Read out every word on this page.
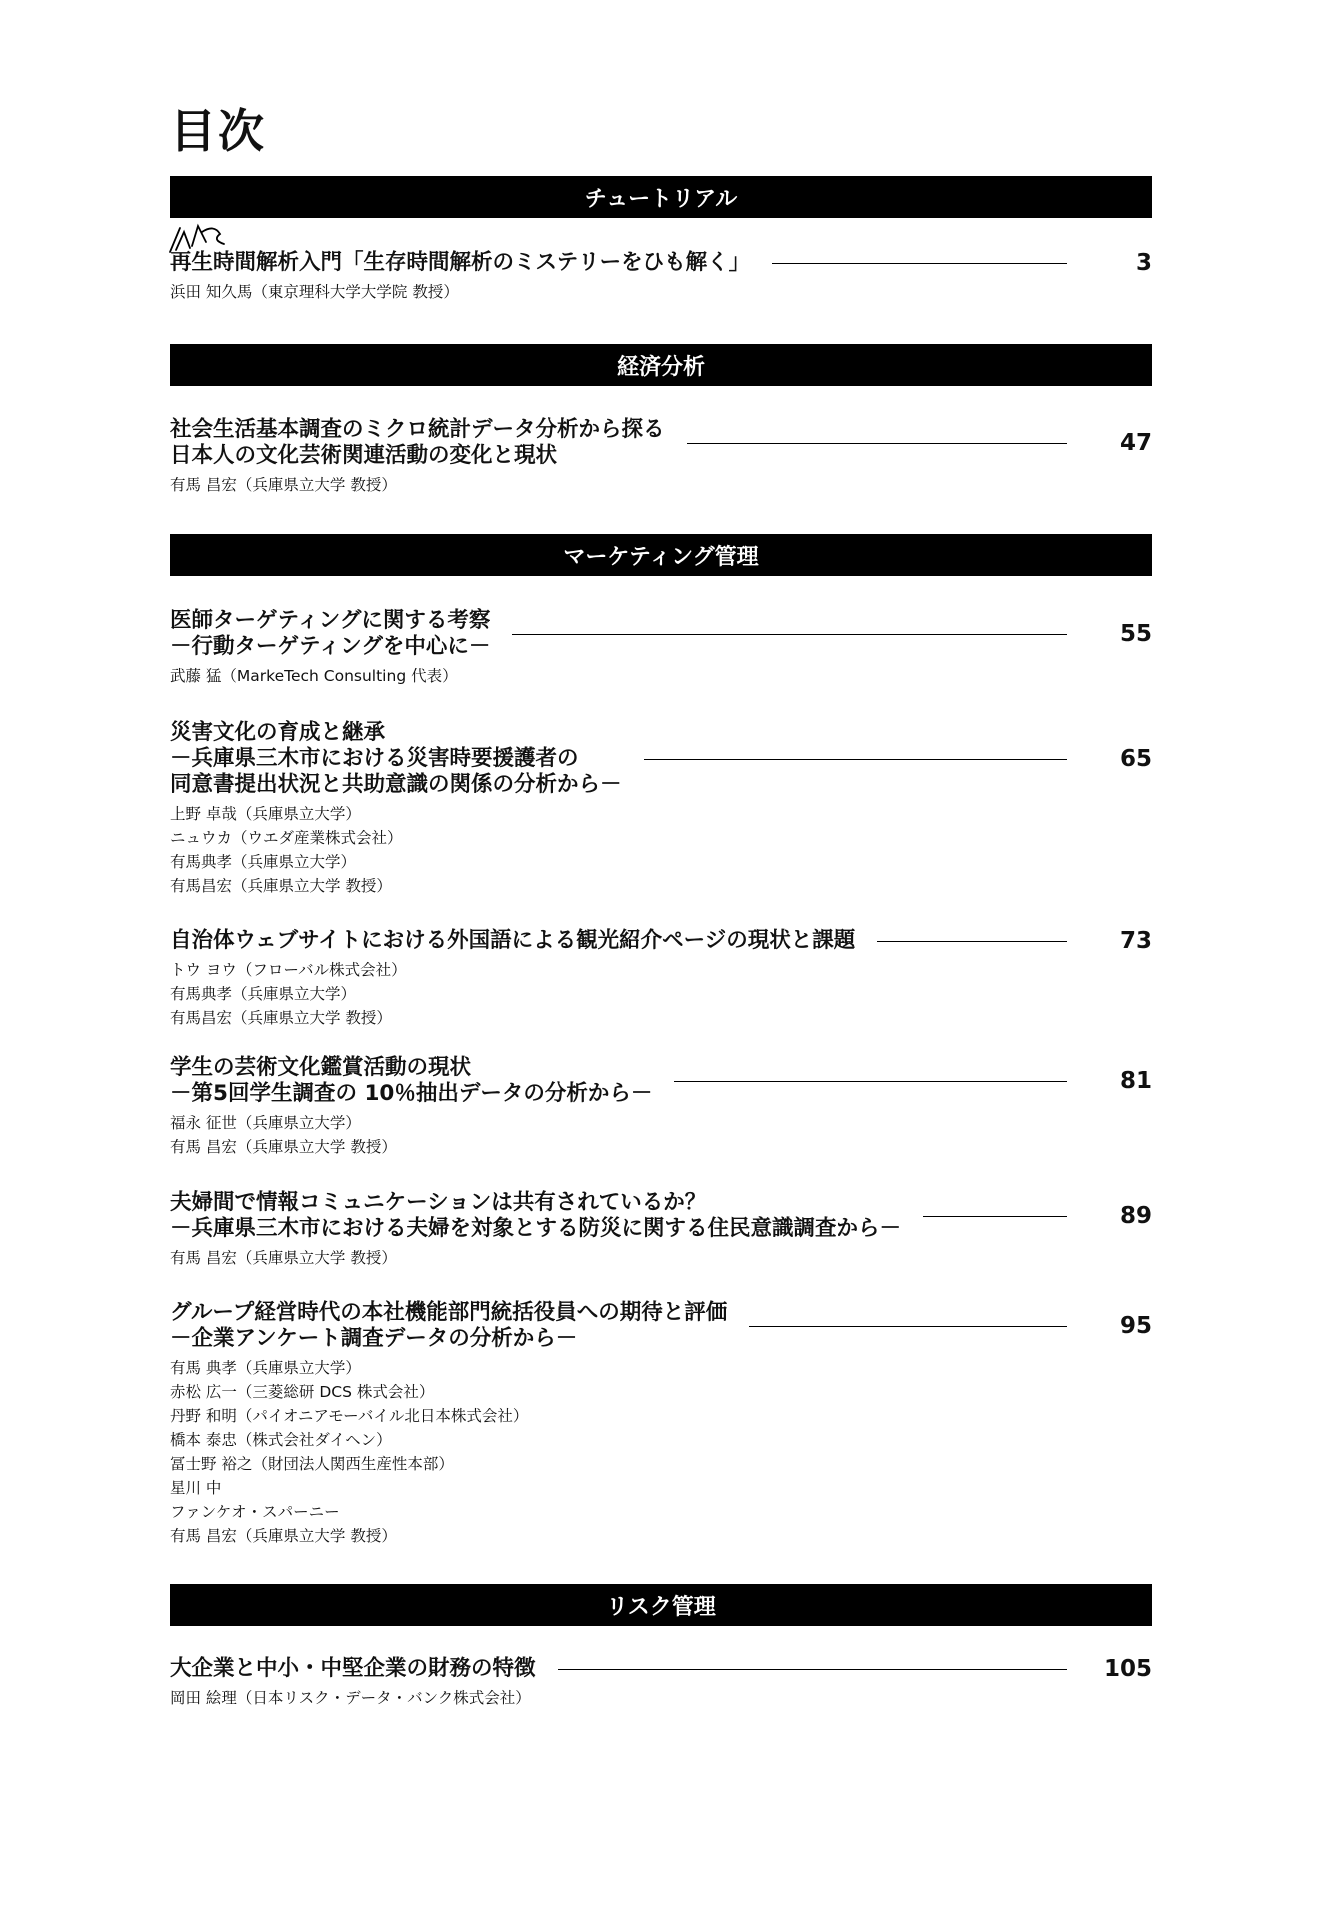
目次
チュートリアル
再生時間解析入門「生存時間解析のミステリーをひも解く」	3
浜田 知久馬（東京理科大学大学院 教授）
経済分析
社会生活基本調査のミクロ統計データ分析から探る
日本人の文化芸術関連活動の変化と現状	47
有馬 昌宏（兵庫県立大学 教授）
マーケティング管理
医師ターゲティングに関する考察
－行動ターゲティングを中心に－	55
武藤 猛（MarkeTech Consulting 代表）
災害文化の育成と継承
－兵庫県三木市における災害時要援護者の
同意書提出状況と共助意識の関係の分析から－
65
上野 卓哉（兵庫県立大学）
ニュウカ（ウエダ産業株式会社）
有馬典孝（兵庫県立大学）
有馬昌宏（兵庫県立大学 教授）
自治体ウェブサイトにおける外国語による観光紹介ページの現状と課題	73
トウ ヨウ（フローバル株式会社）
有馬典孝（兵庫県立大学）
有馬昌宏（兵庫県立大学 教授）
学生の芸術文化鑑賞活動の現状
－第5回学生調査の 10％抽出データの分析から－	81
福永 征世（兵庫県立大学）
有馬 昌宏（兵庫県立大学 教授）
夫婦間で情報コミュニケーションは共有されているか？
－兵庫県三木市における夫婦を対象とする防災に関する住民意識調査から－	89
有馬 昌宏（兵庫県立大学 教授）
グループ経営時代の本社機能部門統括役員への期待と評価
－企業アンケート調査データの分析から－	95
有馬 典孝（兵庫県立大学）
赤松 広一（三菱総研 DCS 株式会社）
丹野 和明（パイオニアモーバイル北日本株式会社）
橋本 泰忠（株式会社ダイヘン）
冨士野 裕之（財団法人関西生産性本部）
星川 中
ファンケオ・スパーニー
有馬 昌宏（兵庫県立大学 教授）
リスク管理
大企業と中小・中堅企業の財務の特徴	105
岡田 絵理（日本リスク・データ・バンク株式会社）
